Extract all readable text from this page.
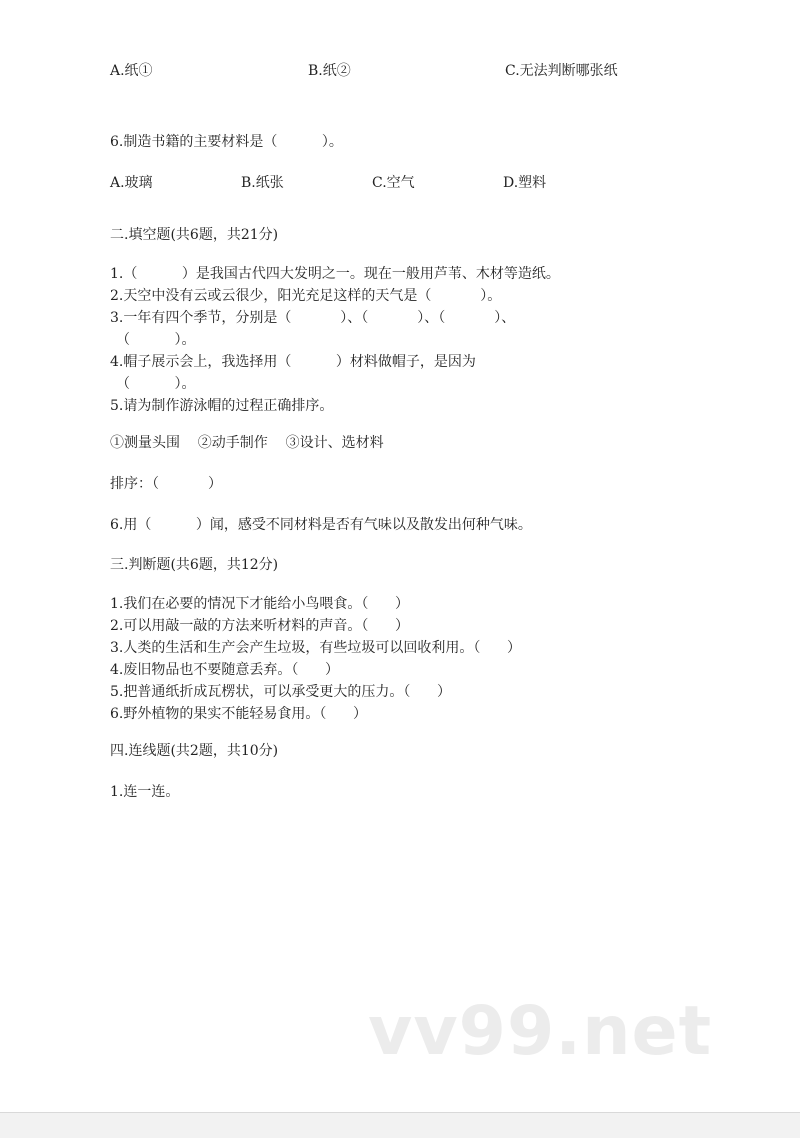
A.纸①	B.纸②	C.无法判断哪张纸
6.制造书籍的主要材料是（          ）。
A.玻璃	B.纸张	C.空气	D.塑料
二.填空题(共6题，共21分)
1.（          ）是我国古代四大发明之一。现在一般用芦苇、木材等造纸。
2.天空中没有云或云很少，阳光充足这样的天气是（           ）。
3.一年有四个季节，分别是（           ）、（           ）、（           ）、
（          ）。
4.帽子展示会上，我选择用（          ）材料做帽子，是因为
（          ）。
5.请为制作游泳帽的过程正确排序。
①测量头围    ②动手制作    ③设计、选材料
排序：（           ）
6.用（          ）闻，感受不同材料是否有气味以及散发出何种气味。
三.判断题(共6题，共12分)
1.我们在必要的情况下才能给小鸟喂食。（      ）
2.可以用敲一敲的方法来听材料的声音。（      ）
3.人类的生活和生产会产生垃圾，有些垃圾可以回收利用。（      ）
4.废旧物品也不要随意丢弃。（      ）
5.把普通纸折成瓦楞状，可以承受更大的压力。（      ）
6.野外植物的果实不能轻易食用。（      ）
四.连线题(共2题，共10分)
1.连一连。
vv99.net
